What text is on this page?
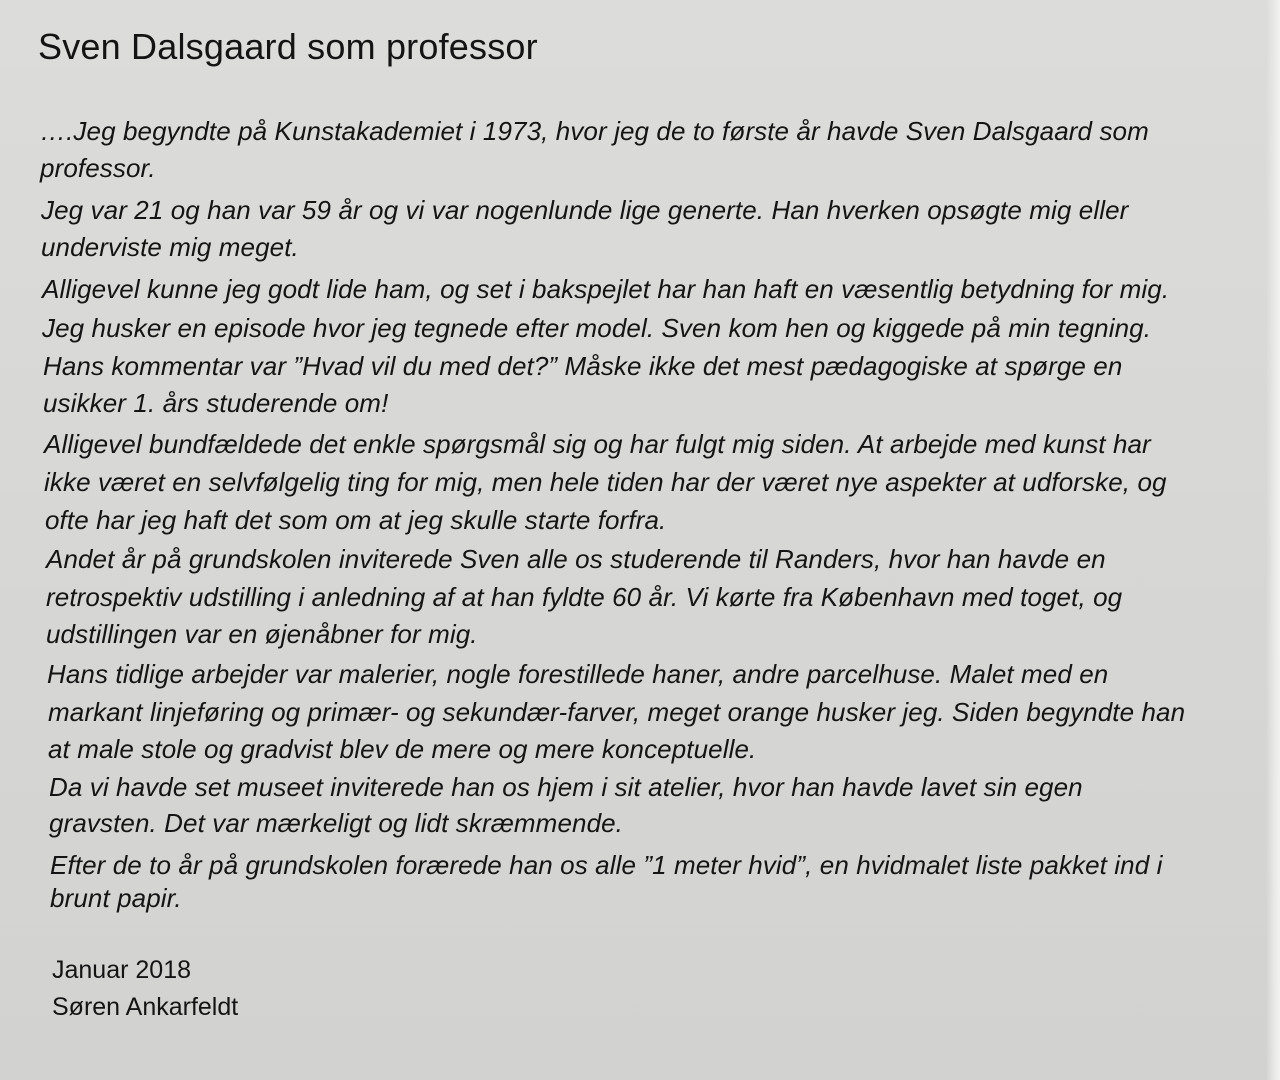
Sven Dalsgaard som professor
….Jeg begyndte på Kunstakademiet i 1973, hvor jeg de to første år havde Sven Dalsgaard som
professor.
Jeg var 21 og han var 59 år og vi var nogenlunde lige generte. Han hverken opsøgte mig eller
underviste mig meget.
Alligevel kunne jeg godt lide ham, og set i bakspejlet har han haft en væsentlig betydning for mig.
Jeg husker en episode hvor jeg tegnede efter model. Sven kom hen og kiggede på min tegning.
Hans kommentar var ”Hvad vil du med det?” Måske ikke det mest pædagogiske at spørge en
usikker 1. års studerende om!
Alligevel bundfældede det enkle spørgsmål sig og har fulgt mig siden. At arbejde med kunst har
ikke været en selvfølgelig ting for mig, men hele tiden har der været nye aspekter at udforske, og
ofte har jeg haft det som om at jeg skulle starte forfra.
Andet år på grundskolen inviterede Sven alle os studerende til Randers, hvor han havde en
retrospektiv udstilling i anledning af at han fyldte 60 år. Vi kørte fra København med toget, og
udstillingen var en øjenåbner for mig.
Hans tidlige arbejder var malerier, nogle forestillede haner, andre parcelhuse. Malet med en
markant linjeføring og primær- og sekundær-farver, meget orange husker jeg. Siden begyndte han
at male stole og gradvist blev de mere og mere konceptuelle.
Da vi havde set museet inviterede han os hjem i sit atelier, hvor han havde lavet sin egen
gravsten. Det var mærkeligt og lidt skræmmende.
Efter de to år på grundskolen forærede han os alle ”1 meter hvid”, en hvidmalet liste pakket ind i
brunt papir.
Januar 2018
Søren Ankarfeldt
